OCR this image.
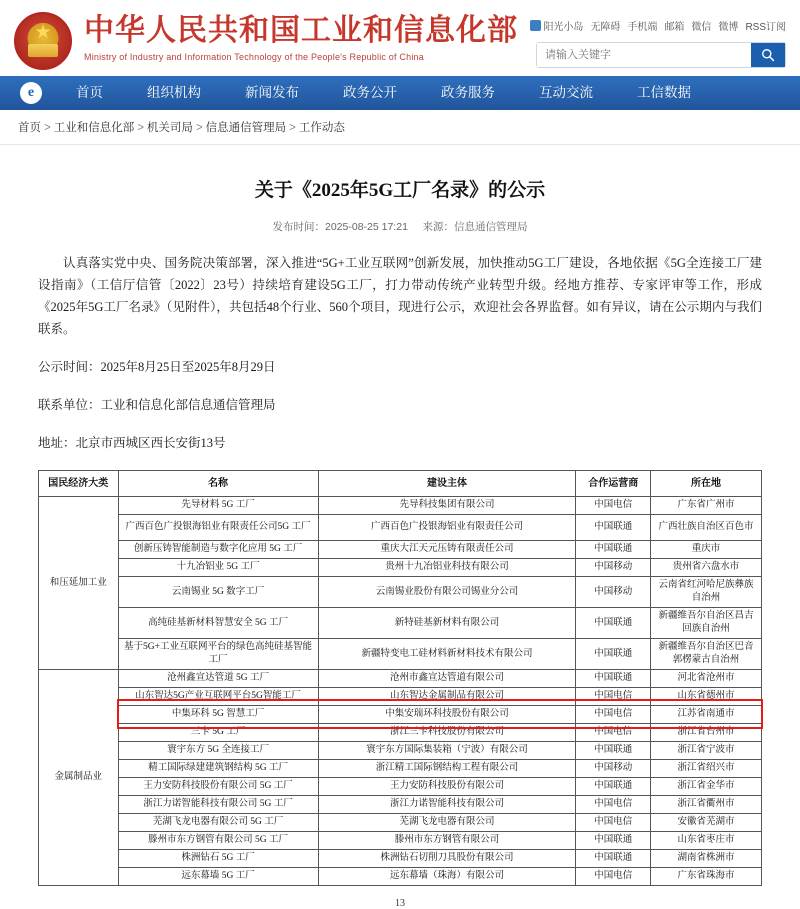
★
中华人民共和国工业和信息化部
Ministry of Industry and Information Technology of the People's Republic of China
阳光小岛 无障碍 手机端 邮箱 微信 微博 RSS订阅
请输入关键字
e	首页	组织机构	新闻发布	政务公开	政务服务	互动交流	工信数据
首页 > 工业和信息化部 > 机关司局 > 信息通信管理局 > 工作动态
关于《2025年5G工厂名录》的公示
发布时间：2025-08-25 17:21 来源：信息通信管理局

认真落实党中央、国务院决策部署，深入推进“5G+工业互联网”创新发展，加快推动5G工厂建设，各地依据《5G全连接工厂建设指南》（工信厅信管〔2022〕23号）持续培育建设5G工厂，打力带动传统产业转型升级。经地方推荐、专家评审等工作，形成《2025年5G工厂名录》（见附件），共包括48个行业、560个项目，现进行公示，欢迎社会各界监督。如有异议，请在公示期内与我们联系。

公示时间：2025年8月25日至2025年8月29日

联系单位：工业和信息化部信息通信管理局

地址：北京市西城区西长安街13号

国民经济大类	名称	建设主体	合作运营商	所在地
和压延加工业	先导材料 5G 工厂	先导科技集团有限公司	中国电信	广东省广州市
	广西百色广投银海铝业有限责任公司5G 工厂	广西百色广投银海铝业有限责任公司	中国联通	广西壮族自治区百色市
	创新压铸智能制造与数字化应用 5G 工厂	重庆大江天元压铸有限责任公司	中国联通	重庆市
	十九冶铝业 5G 工厂	贵州十九冶铝业科技有限公司	中国移动	贵州省六盘水市
	云南锡业 5G 数字工厂	云南锡业股份有限公司锡业分公司	中国移动	云南省红河哈尼族彝族自治州
	高纯硅基新材料智慧安全 5G 工厂	新特硅基新材料有限公司	中国联通	新疆维吾尔自治区昌吉回族自治州
	基于5G+工业互联网平台的绿色高纯硅基智能工厂	新疆特变电工硅材料新材料技术有限公司	中国联通	新疆维吾尔自治区巴音郭楞蒙古自治州
金属制品业	沧州鑫宣达管道 5G 工厂	沧州市鑫宣达管道有限公司	中国联通	河北省沧州市
	山东智达5G产业互联网平台5G智能工厂	山东智达金属制品有限公司	中国电信	山东省德州市
	中集环科 5G 智慧工厂	中集安瑞环科技股份有限公司	中国电信	江苏省南通市
	三卡 5G 工厂	浙江三卡科技股份有限公司	中国电信	浙江省台州市
	寰宇东方 5G 全连接工厂	寰宇东方国际集装箱（宁波）有限公司	中国联通	浙江省宁波市
	精工国际绿建建筑钢结构 5G 工厂	浙江精工国际钢结构工程有限公司	中国移动	浙江省绍兴市
	王力安防科技股份有限公司 5G 工厂	王力安防科技股份有限公司	中国联通	浙江省金华市
	浙江力诺智能科技有限公司 5G 工厂	浙江力诺智能科技有限公司	中国电信	浙江省衢州市
	芜湖飞龙电器有限公司 5G 工厂	芜湖飞龙电器有限公司	中国电信	安徽省芜湖市
	滕州市东方钢管有限公司 5G 工厂	滕州市东方钢管有限公司	中国联通	山东省枣庄市
	株洲钻石 5G 工厂	株洲钻石切削刀具股份有限公司	中国联通	湖南省株洲市
	远东幕墙 5G 工厂	远东幕墙（珠海）有限公司	中国电信	广东省珠海市
13
